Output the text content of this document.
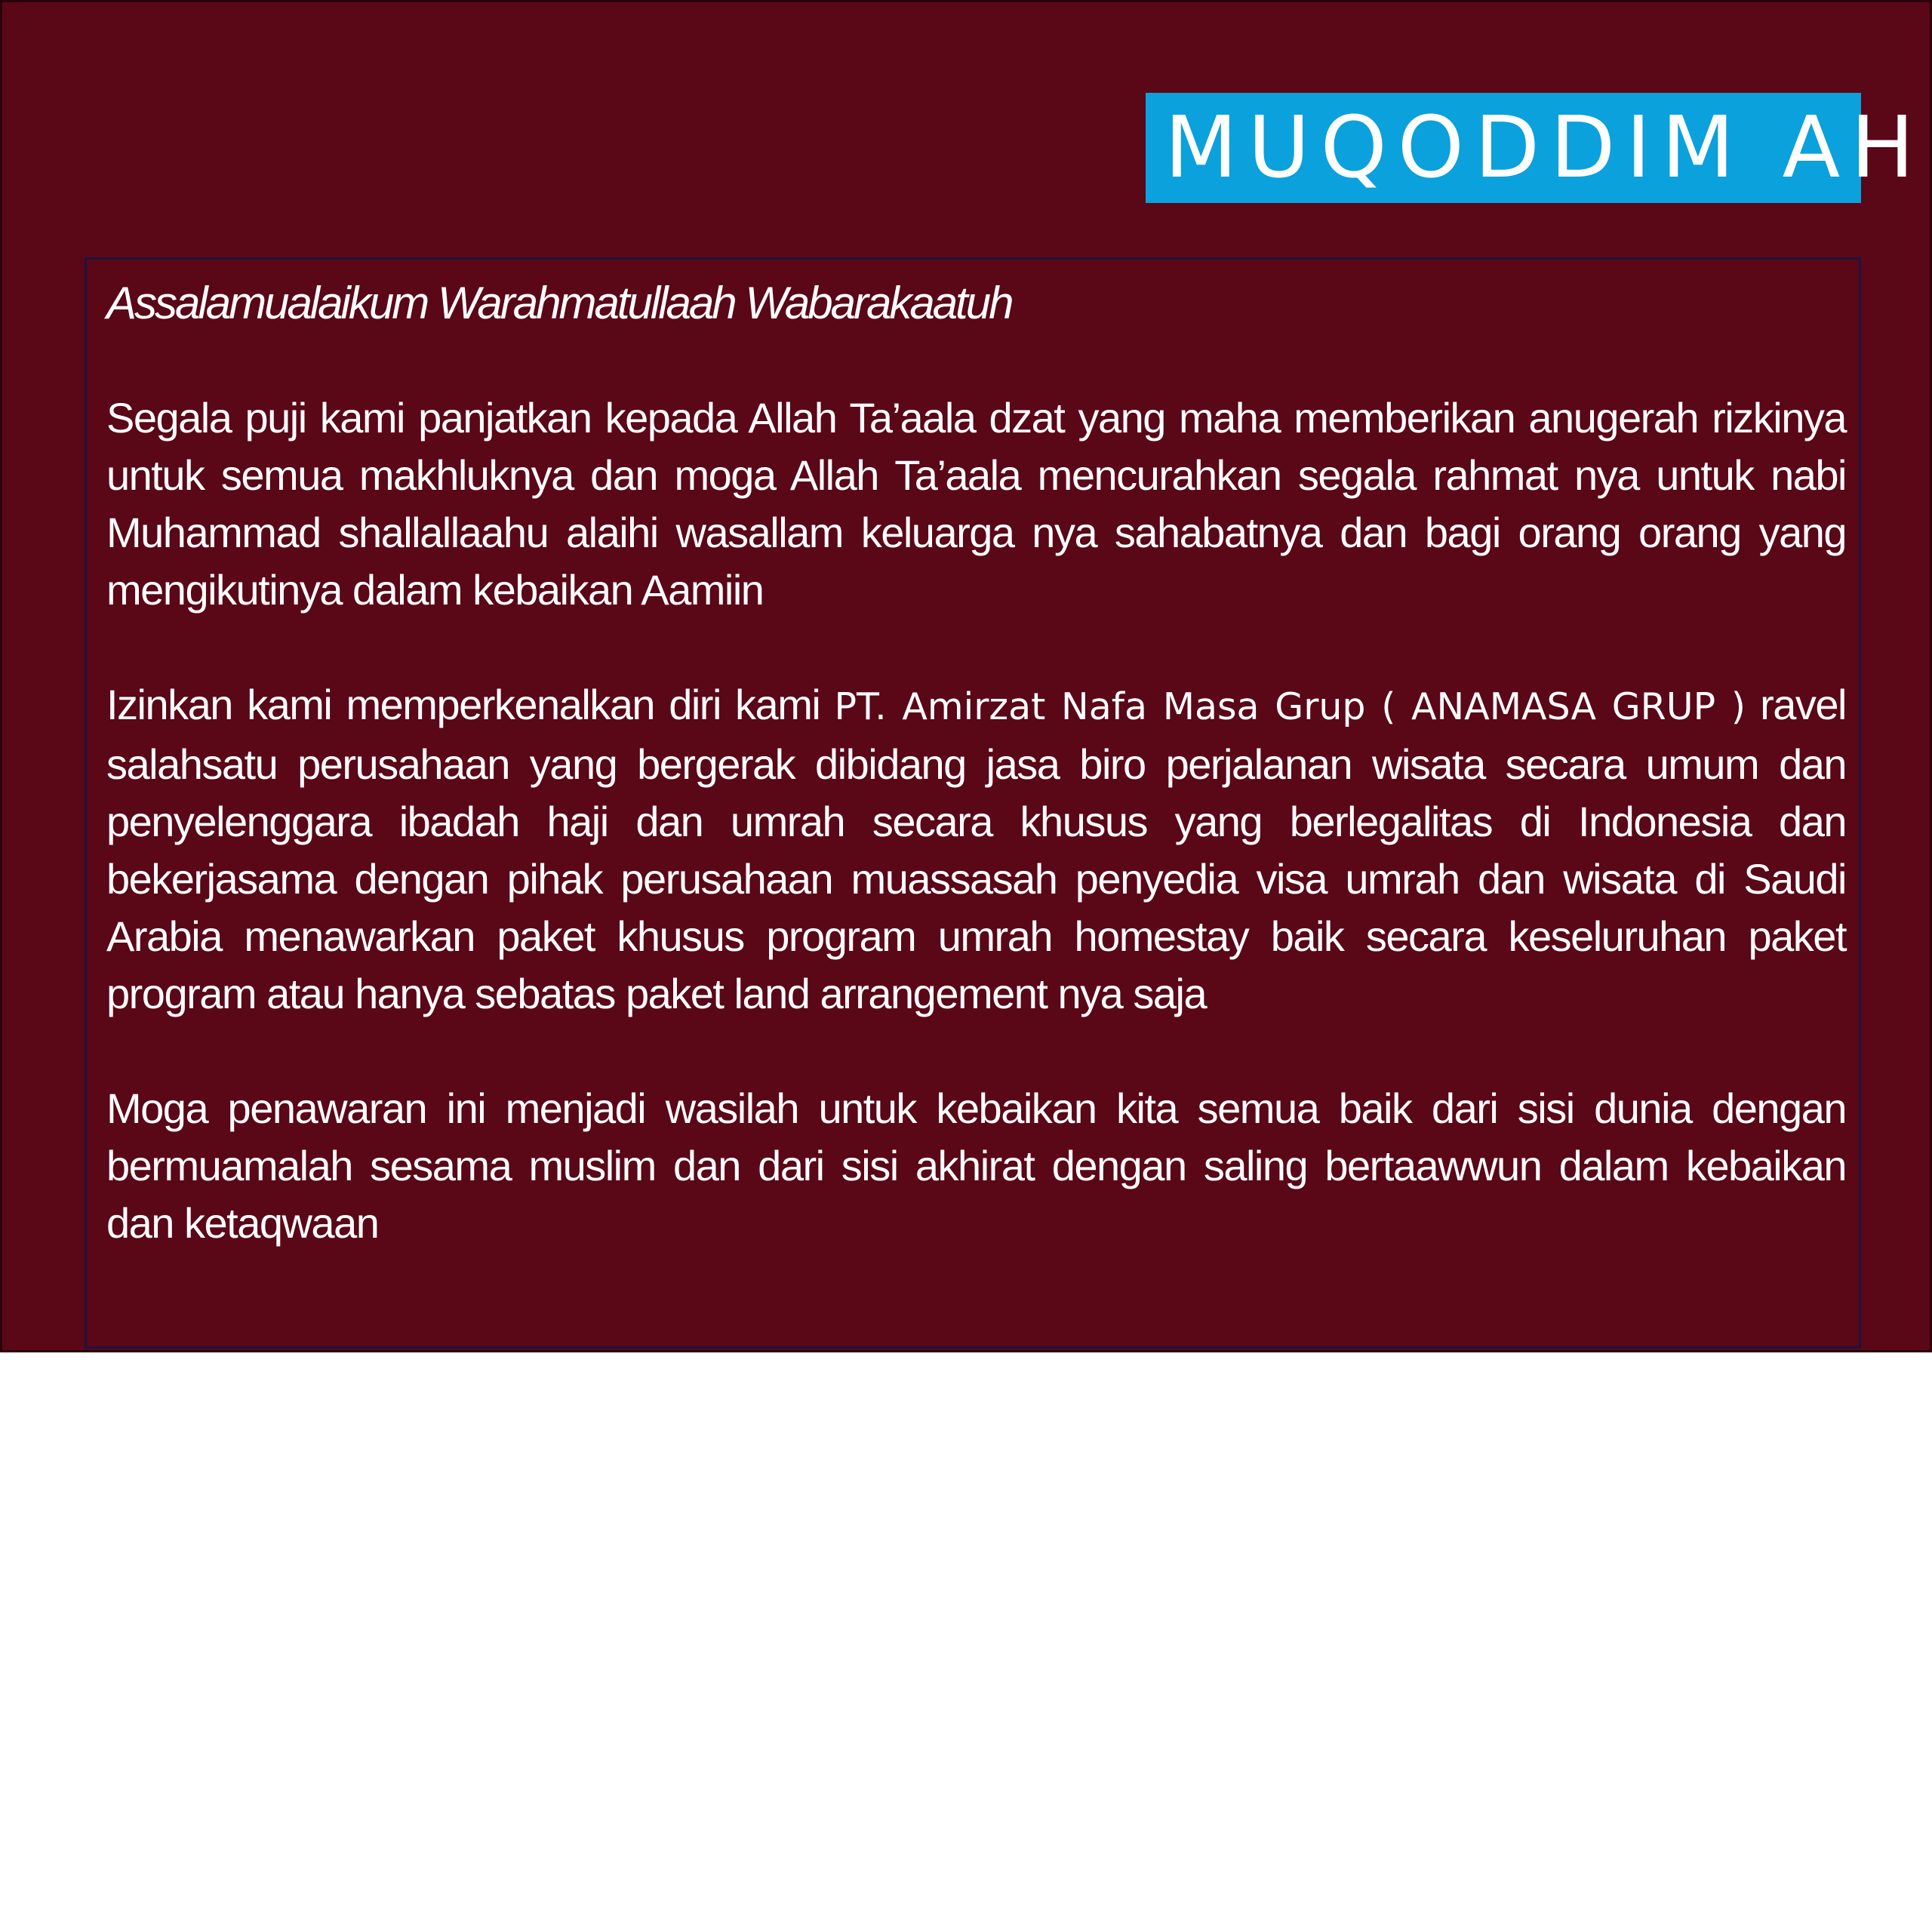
MUQODDIM AH

Assalamualaikum Warahmatullaah Wabarakaatuh

Segala puji kami panjatkan kepada Allah Ta’aala dzat yang maha memberikan anugerah rizkinya untuk semua makhluknya dan moga Allah Ta’aala mencurahkan segala rahmat nya untuk nabi Muhammad shallallaahu alaihi wasallam keluarga nya sahabatnya dan bagi orang orang yang mengikutinya dalam kebaikan Aamiin

Izinkan kami memperkenalkan diri kami PT. Amirzat Nafa Masa Grup ( ANAMASA GRUP ) ravel salahsatu perusahaan yang bergerak dibidang jasa biro perjalanan wisata secara umum dan penyelenggara ibadah haji dan umrah secara khusus yang berlegalitas di Indonesia dan bekerjasama dengan pihak perusahaan muassasah penyedia visa umrah dan wisata di Saudi Arabia menawarkan paket khusus program umrah homestay baik secara keseluruhan paket program atau hanya sebatas paket land arrangement nya saja

Moga penawaran ini menjadi wasilah untuk kebaikan kita semua baik dari sisi dunia dengan bermuamalah sesama muslim dan dari sisi akhirat dengan saling bertaawwun dalam kebaikan dan ketaqwaan
